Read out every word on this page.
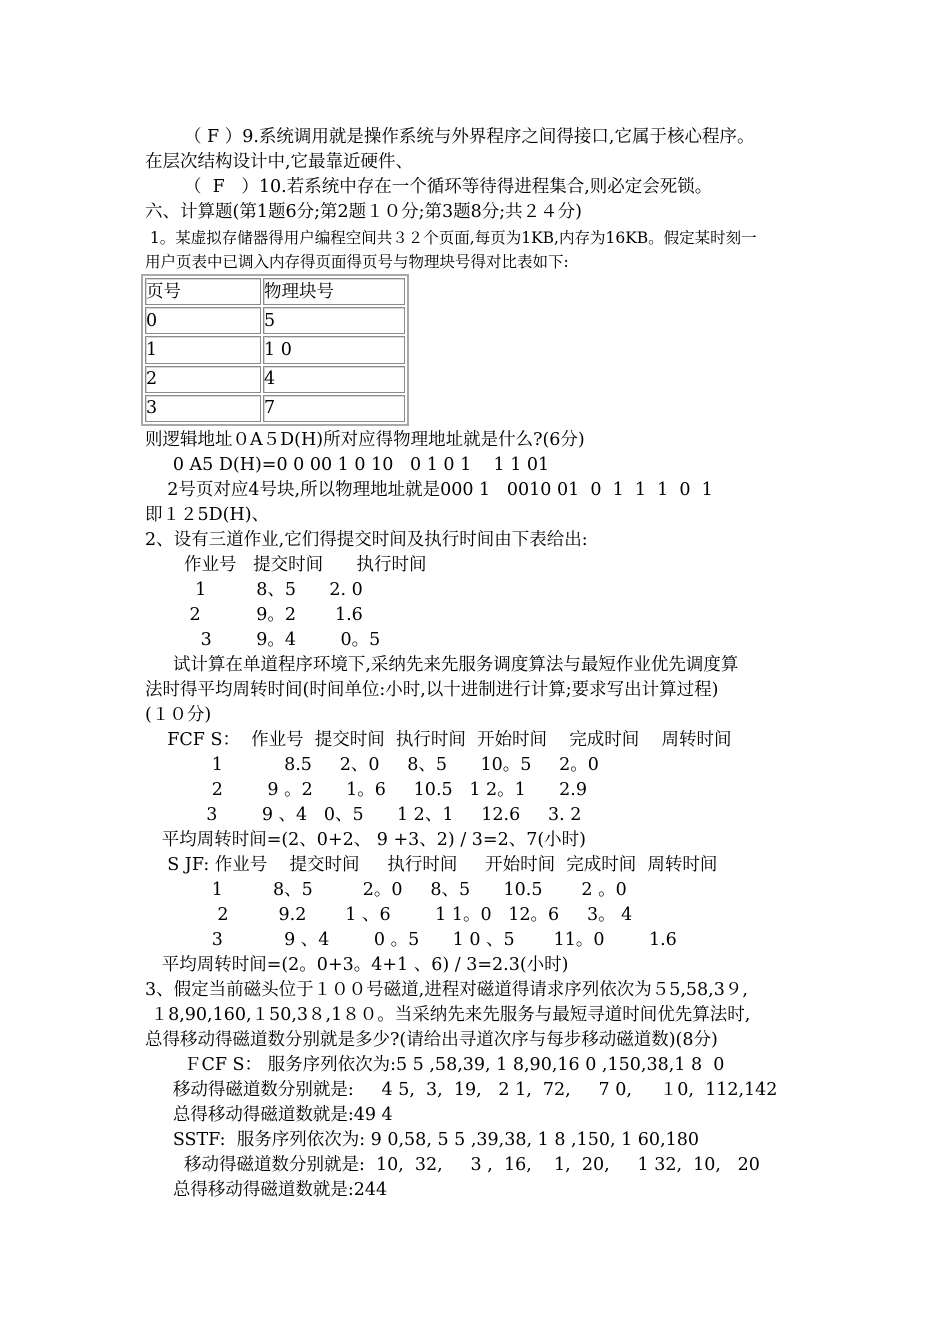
（ F ）9.系统调用就是操作系统与外界程序之间得接口,它属于核心程序。
在层次结构设计中,它最靠近硬件、
（  F   ）10.若系统中存在一个循环等待得进程集合,则必定会死锁。
六、计算题(第1题6分;第2题１０分;第3题8分;共２４分)
1。某虚拟存储器得用户编程空间共３２个页面,每页为1KB,内存为16KB。假定某时刻一
用户页表中已调入内存得页面得页号与物理块号得对比表如下:
页号	物理块号
0	5
1	1 0
2	4
3	7
则逻辑地址０A５D(H)所对应得物理地址就是什么?(6分)
0 A5 D(H)=0 0 00 1 0 10   0 1 0 1    1 1 01
2号页对应4号块,所以物理地址就是000 1   0010 01  0  1  1  1  0  1
即１２5D(H)、
2、设有三道作业,它们得提交时间及执行时间由下表给出:
作业号   提交时间      执行时间
1         8、5      2. 0
2          9。2       1.6
3        9。4        0。5
试计算在单道程序环境下,采纳先来先服务调度算法与最短作业优先调度算
法时得平均周转时间(时间单位:小时,以十进制进行计算;要求写出计算过程)
(１０分)
FCF S：  作业号  提交时间  执行时间  开始时间    完成时间    周转时间
1           8.5     2、0     8、5      10。5     2。0
2        9 。2      1。6     10.5   1 2。1      2.9
3        9 、4   0、5      1 2、1     12.6     3. 2
平均周转时间=(2、0+2、 9 +3、2) / 3=2、7(小时)
S JF: 作业号    提交时间     执行时间     开始时间  完成时间  周转时间
1         8、5         2。0     8、5      10.5       2 。0
2         9.2       1 、6        1 1。0   12。6     3。 4
3           9 、4        0 。5      1 0 、5       11。0        1.6
平均周转时间=(2。0+3。4+1 、6) / 3=2.3(小时)
3、假定当前磁头位于１００号磁道,进程对磁道得请求序列依次为５5,58,3９,
１8,90,160,１50,3８,1８０。当采纳先来先服务与最短寻道时间优先算法时,
总得移动得磁道数分别就是多少?(请给出寻道次序与每步移动磁道数)(8分)
ＦCF S： 服务序列依次为:5 5 ,58,39, 1 8,90,16 0 ,150,38,1 8  0
移动得磁道数分别就是:     4 5,  3,  19,   2 1,  72,     7 0,     １0,  112,142
总得移动得磁道数就是:49 4
SSTF:  服务序列依次为: 9 0,58, 5 5 ,39,38, 1 8 ,150, 1 60,180
移动得磁道数分别就是:  10,  32,     3 ,  16,    1,  20,     1 32,  10,   20
总得移动得磁道数就是:244
